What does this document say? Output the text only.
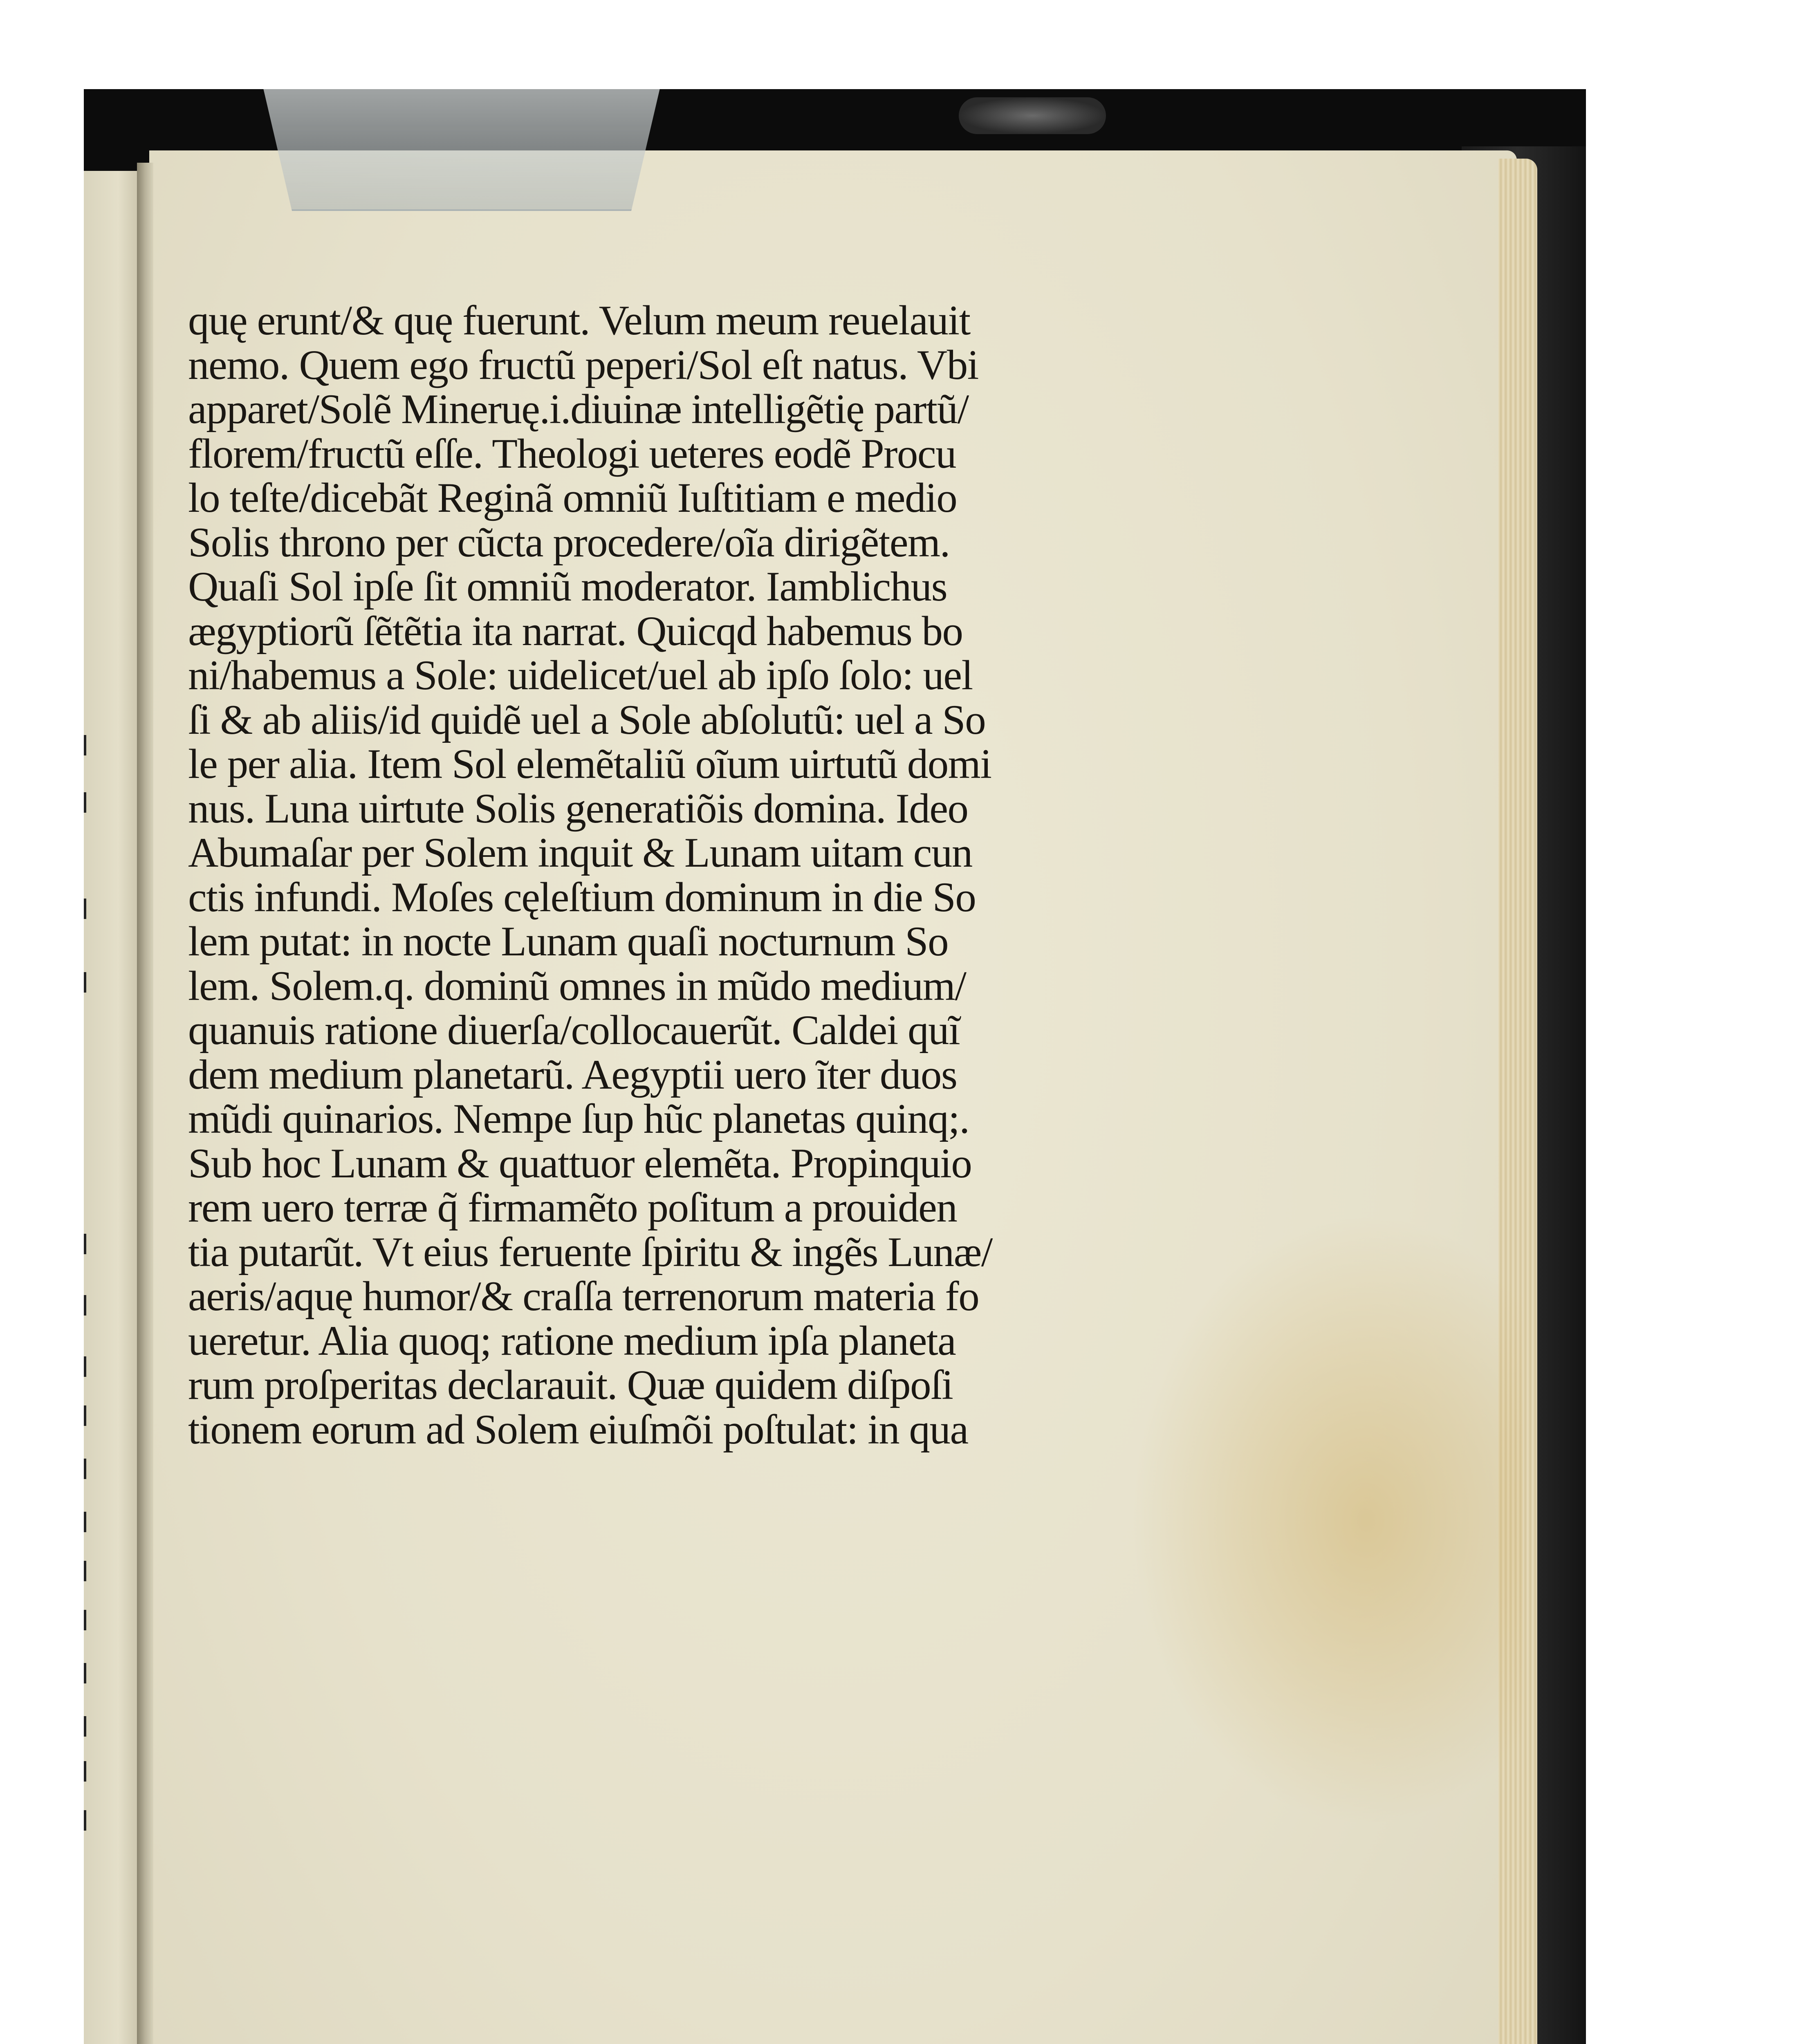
quę erunt/& quę fuerunt. Velum meum reuelauit
nemo. Quem ego fructũ peperi/Sol eſt natus. Vbi
apparet/Solẽ Mineruę.i.diuinæ intelligẽtię partũ/
florem/fructũ eſſe. Theologi ueteres eodẽ Procu
lo teſte/dicebãt Reginã omniũ Iuſtitiam e medio
Solis throno per cũcta procedere/oĩa dirigẽtem.
Quaſi Sol ipſe ſit omniũ moderator. Iamblichus
ægyptiorũ ſẽtẽtia ita narrat. Quicqd habemus bo
ni/habemus a Sole: uidelicet/uel ab ipſo ſolo: uel
ſi & ab aliis/id quidẽ uel a Sole abſolutũ: uel a So
le per alia. Item Sol elemẽtaliũ oĩum uirtutũ domi
nus. Luna uirtute Solis generatiõis domina. Ideo
Abumaſar per Solem inquit & Lunam uitam cun
ctis infundi. Moſes cęleſtium dominum in die So
lem putat: in nocte Lunam quaſi nocturnum So
lem. Solem.q. dominũ omnes in mũdo medium/
quanuis ratione diuerſa/collocauerũt. Caldei quĩ
dem medium planetarũ. Aegyptii uero ĩter duos
mũdi quinarios. Nempe ſup hũc planetas quinq;.
Sub hoc Lunam & quattuor elemẽta. Propinquio
rem uero terræ q̃ firmamẽto poſitum a prouiden
tia putarũt. Vt eius feruente ſpiritu & ingẽs Lunæ/
aeris/aquę humor/& craſſa terrenorum materia fo
ueretur. Alia quoq; ratione medium ipſa planeta
rum proſperitas declarauit. Quæ quidem diſpoſi
tionem eorum ad Solem eiuſmõi poſtulat: in qua
